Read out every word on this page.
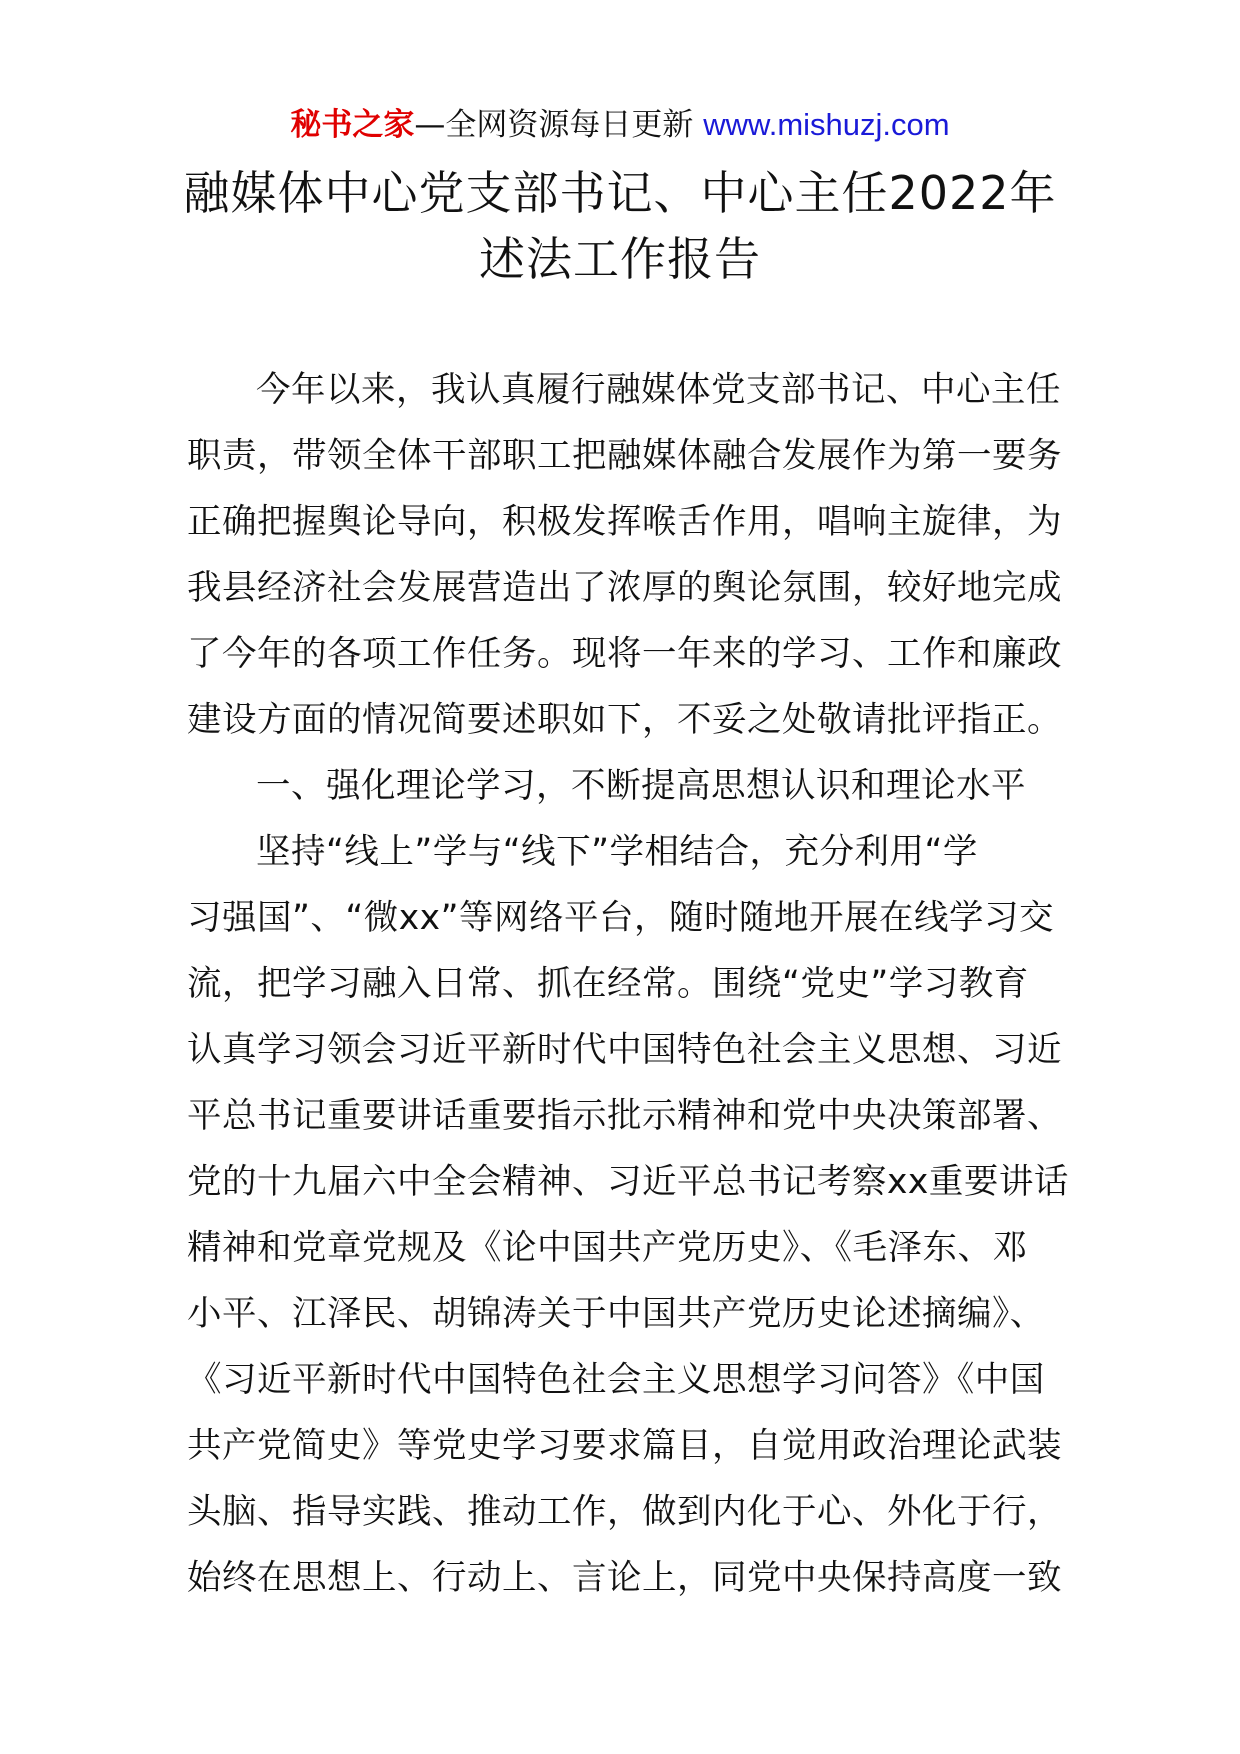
秘书之家—全网资源每日更新 www.mishuzj.com
融媒体中心党支部书记、中心主任2022年
述法工作报告
今年以来，我认真履行融媒体党支部书记、中心主任
职责，带领全体干部职工把融媒体融合发展作为第一要务
正确把握舆论导向，积极发挥喉舌作用，唱响主旋律，为
我县经济社会发展营造出了浓厚的舆论氛围，较好地完成
了今年的各项工作任务。现将一年来的学习、工作和廉政
建设方面的情况简要述职如下，不妥之处敬请批评指正。
一、强化理论学习，不断提高思想认识和理论水平
坚持“线上”学与“线下”学相结合，充分利用“学
习强国”、“微xx”等网络平台，随时随地开展在线学习交
流，把学习融入日常、抓在经常。围绕“党史”学习教育
认真学习领会习近平新时代中国特色社会主义思想、习近
平总书记重要讲话重要指示批示精神和党中央决策部署、
党的十九届六中全会精神、习近平总书记考察xx重要讲话
精神和党章党规及《论中国共产党历史》、《毛泽东、邓
小平、江泽民、胡锦涛关于中国共产党历史论述摘编》、
《习近平新时代中国特色社会主义思想学习问答》《中国
共产党简史》等党史学习要求篇目，自觉用政治理论武装
头脑、指导实践、推动工作，做到内化于心、外化于行，
始终在思想上、行动上、言论上，同党中央保持高度一致
